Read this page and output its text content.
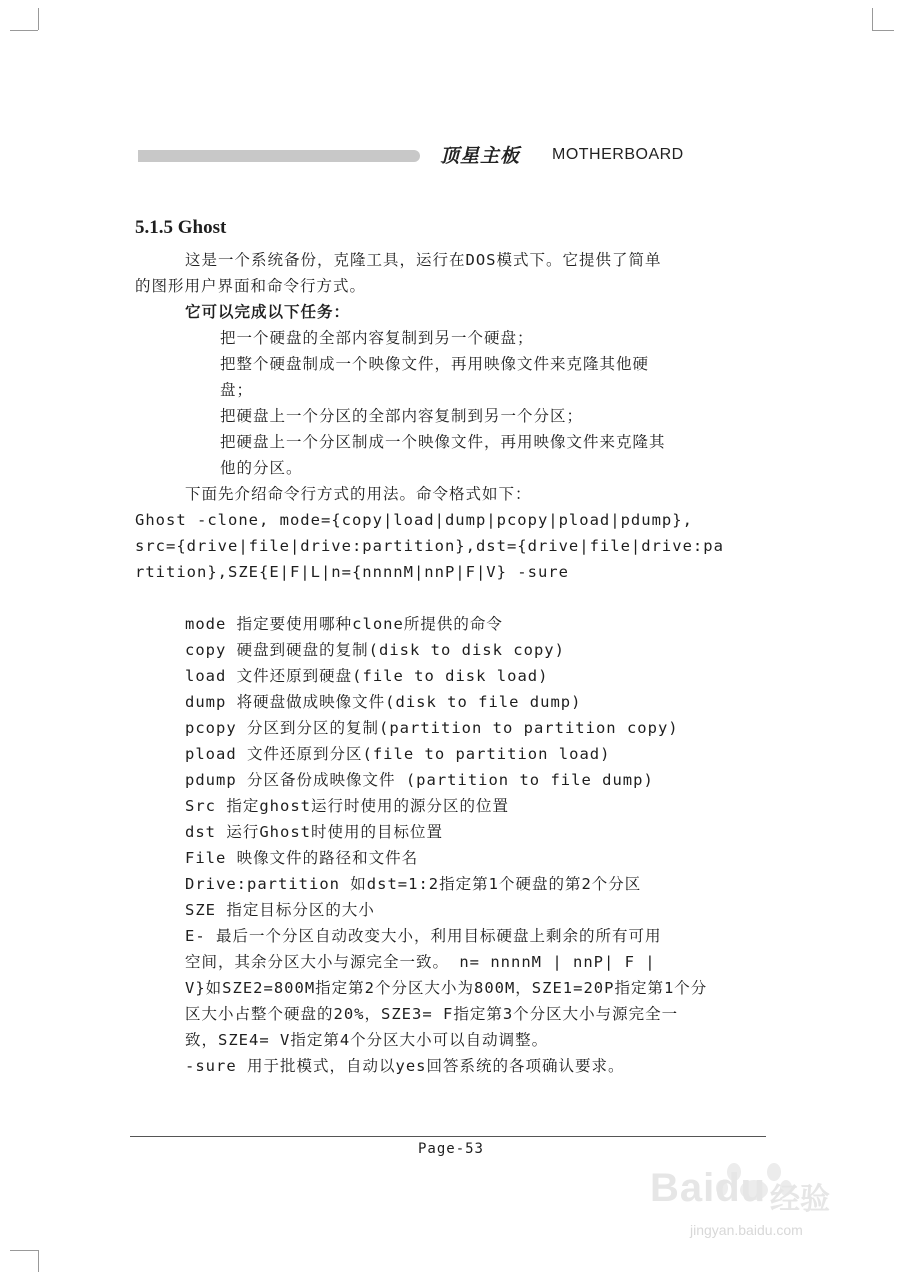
顶星主板 MOTHERBOARD
5.1.5 Ghost
这是一个系统备份，克隆工具，运行在DOS模式下。它提供了简单
的图形用户界面和命令行方式。
它可以完成以下任务：
把一个硬盘的全部内容复制到另一个硬盘；
把整个硬盘制成一个映像文件，再用映像文件来克隆其他硬
盘；
把硬盘上一个分区的全部内容复制到另一个分区；
把硬盘上一个分区制成一个映像文件，再用映像文件来克隆其
他的分区。
下面先介绍命令行方式的用法。命令格式如下：
Ghost -clone, mode={copy|load|dump|pcopy|pload|pdump},
src={drive|file|drive:partition},dst={drive|file|drive:pa
rtition},SZE{E|F|L|n={nnnnM|nnP|F|V} -sure
mode 指定要使用哪种clone所提供的命令
copy 硬盘到硬盘的复制(disk to disk copy)
load 文件还原到硬盘(file to disk load)
dump 将硬盘做成映像文件(disk to file dump)
pcopy 分区到分区的复制(partition to partition copy)
pload 文件还原到分区(file to partition load)
pdump 分区备份成映像文件 (partition to file dump)
Src 指定ghost运行时使用的源分区的位置
dst 运行Ghost时使用的目标位置
File 映像文件的路径和文件名
Drive:partition 如dst=1:2指定第1个硬盘的第2个分区
SZE 指定目标分区的大小
E- 最后一个分区自动改变大小，利用目标硬盘上剩余的所有可用
空间，其余分区大小与源完全一致。 n= nnnnM | nnP| F |
V}如SZE2=800M指定第2个分区大小为800M，SZE1=20P指定第1个分
区大小占整个硬盘的20%，SZE3= F指定第3个分区大小与源完全一
致，SZE4= V指定第4个分区大小可以自动调整。
-sure 用于批模式，自动以yes回答系统的各项确认要求。
Page-53
Baidu 经验
jingyan.baidu.com
